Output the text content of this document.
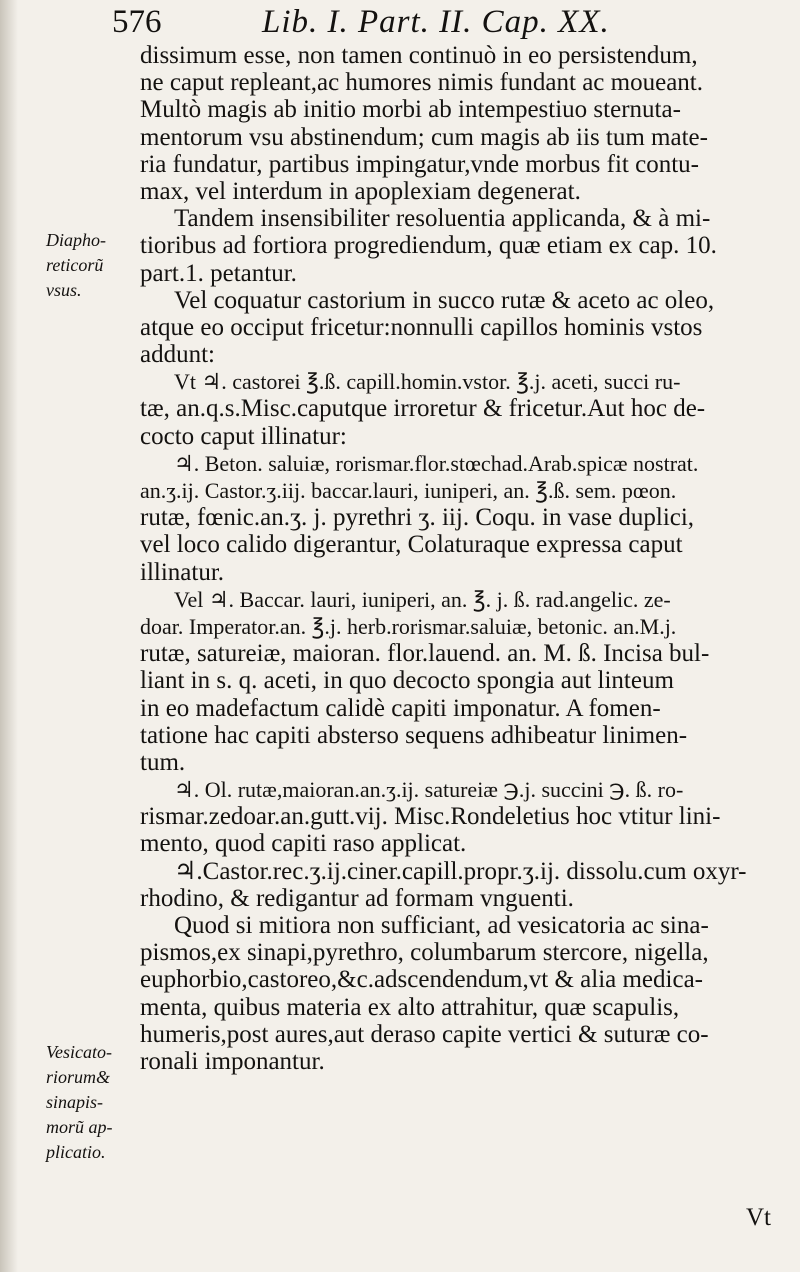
576	Lib. I. Part. II. Cap. XX.
dissimum esse, non tamen continuò in eo persistendum,
ne caput repleant,ac humores nimis fundant ac moueant.
Multò magis ab initio morbi ab intempestiuo sternuta-
mentorum vsu abstinendum; cum magis ab iis tum mate-
ria fundatur, partibus impingatur,vnde morbus fit contu-
max, vel interdum in apoplexiam degenerat.
Tandem insensibiliter resoluentia applicanda, & à mi-
tioribus ad fortiora progrediendum, quæ etiam ex cap. 10.
part.1. petantur.
Vel coquatur castorium in succo rutæ & aceto ac oleo,
atque eo occiput fricetur:nonnulli capillos hominis vstos
addunt:
Vt ♃. castorei ℥.ß. capill.homin.vstor. ℥.j. aceti, succi ru-
tæ, an.q.s.Misc.caputque irroretur & fricetur.Aut hoc de-
cocto caput illinatur:
♃. Beton. saluiæ, rorismar.flor.stœchad.Arab.spicæ nostrat.
an.ʒ.ij. Castor.ʒ.iij. baccar.lauri, iuniperi, an. ℥.ß. sem. pœon.
rutæ, fœnic.an.ʒ. j. pyrethri ʒ. iij. Coqu. in vase duplici,
vel loco calido digerantur, Colaturaque expressa caput
illinatur.
Vel ♃. Baccar. lauri, iuniperi, an. ℥. j. ß. rad.angelic. ze-
doar. Imperator.an. ℥.j. herb.rorismar.saluiæ, betonic. an.M.j.
rutæ, satureiæ, maioran. flor.lauend. an. M. ß. Incisa bul-
liant in s. q. aceti, in quo decocto spongia aut linteum
in eo madefactum calidè capiti imponatur. A fomen-
tatione hac capiti absterso sequens adhibeatur linimen-
tum.
♃. Ol. rutæ,maioran.an.ʒ.ij. satureiæ ℈.j. succini ℈. ß. ro-
rismar.zedoar.an.gutt.vij. Misc.Rondeletius hoc vtitur lini-
mento, quod capiti raso applicat.
♃.Castor.rec.ʒ.ij.ciner.capill.propr.ʒ.ij. dissolu.cum oxyr-
rhodino, & redigantur ad formam vnguenti.
Quod si mitiora non sufficiant, ad vesicatoria ac sina-
pismos,ex sinapi,pyrethro, columbarum stercore, nigella,
euphorbio,castoreo,&c.adscendendum,vt & alia medica-
menta, quibus materia ex alto attrahitur, quæ scapulis,
humeris,post aures,aut deraso capite vertici & suturæ co-
ronali imponantur.
Diapho-
reticorũ
vsus.
Vesicato-
riorum&
sinapis-
morũ ap-
plicatio.
Vt
